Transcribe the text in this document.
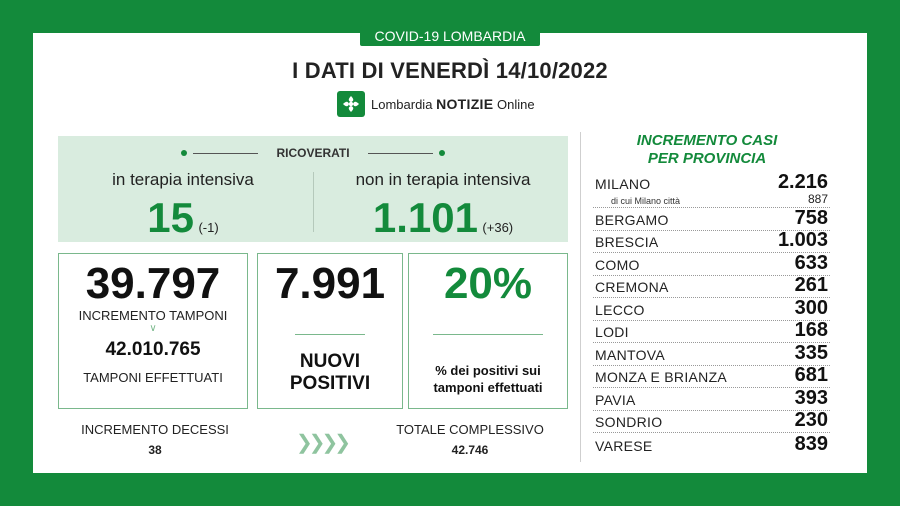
COVID-19 LOMBARDIA
I DATI DI VENERDÌ 14/10/2022
Lombardia NOTIZIE Online
RICOVERATI
in terapia intensiva
15 (-1)
non in terapia intensiva
1.101 (+36)
39.797
INCREMENTO TAMPONI
∨
42.010.765
TAMPONI EFFETTUATI
7.991
NUOVI
POSITIVI
20%
% dei positivi sui
tamponi effettuati
INCREMENTO DECESSI
38	❯❯❯❯
TOTALE COMPLESSIVO
42.746
INCREMENTO CASI
PER PROVINCIA
MILANO	2.216
di cui Milano città	887
BERGAMO	758
BRESCIA	1.003
COMO	633
CREMONA	261
LECCO	300
LODI	168
MANTOVA	335
MONZA E BRIANZA	681
PAVIA	393
SONDRIO	230
VARESE	839
